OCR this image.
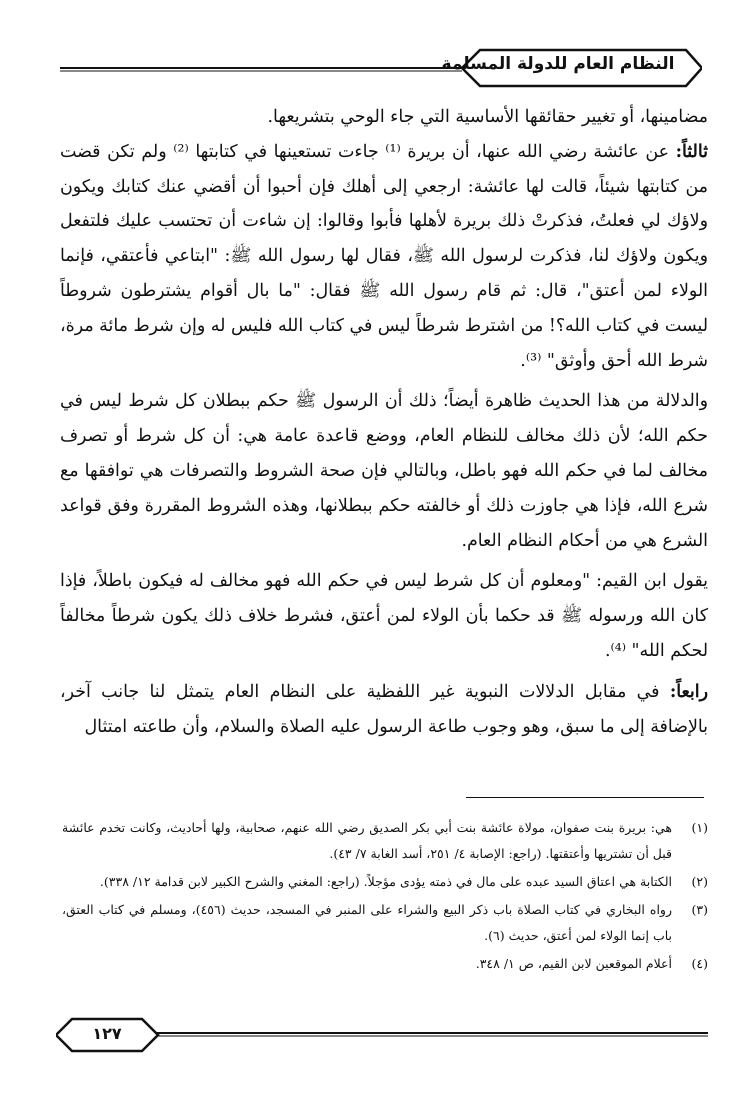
النظام العام للدولة المسلمة

مضامينها، أو تغيير حقائقها الأساسية التي جاء الوحي بتشريعها.

ثالثاً: عن عائشة رضي الله عنها، أن بريرة ⁽¹⁾ جاءت تستعينها في كتابتها ⁽²⁾ ولم تكن قضت من كتابتها شيئاً، قالت لها عائشة: ارجعي إلى أهلك فإن أحبوا أن أقضي عنك كتابك ويكون ولاؤك لي فعلتُ، فذكرتْ ذلك بريرة لأهلها فأبوا وقالوا: إن شاءت أن تحتسب عليك فلتفعل ويكون ولاؤك لنا، فذكرت لرسول الله ﷺ، فقال لها رسول الله ﷺ: "ابتاعي فأعتقي، فإنما الولاء لمن أعتق"، قال: ثم قام رسول الله ﷺ فقال: "ما بال أقوام يشترطون شروطاً ليست في كتاب الله؟! من اشترط شرطاً ليس في كتاب الله فليس له وإن شرط مائة مرة، شرط الله أحق وأوثق" ⁽³⁾.

والدلالة من هذا الحديث ظاهرة أيضاً؛ ذلك أن الرسول ﷺ حكم ببطلان كل شرط ليس في حكم الله؛ لأن ذلك مخالف للنظام العام، ووضع قاعدة عامة هي: أن كل شرط أو تصرف مخالف لما في حكم الله فهو باطل، وبالتالي فإن صحة الشروط والتصرفات هي توافقها مع شرع الله، فإذا هي جاوزت ذلك أو خالفته حكم ببطلانها، وهذه الشروط المقررة وفق قواعد الشرع هي من أحكام النظام العام.

يقول ابن القيم: "ومعلوم أن كل شرط ليس في حكم الله فهو مخالف له فيكون باطلاً، فإذا كان الله ورسوله ﷺ قد حكما بأن الولاء لمن أعتق، فشرط خلاف ذلك يكون شرطاً مخالفاً لحكم الله" ⁽⁴⁾.

رابعاً: في مقابل الدلالات النبوية غير اللفظية على النظام العام يتمثل لنا جانب آخر، بالإضافة إلى ما سبق، وهو وجوب طاعة الرسول عليه الصلاة والسلام، وأن طاعته امتثال

(١)
هي: بريرة بنت صفوان، مولاة عائشة بنت أبي بكر الصديق رضي الله عنهم، صحابية، ولها أحاديث، وكانت تخدم عائشة قبل أن تشتريها وأعتقتها. (راجع: الإصابة ٤/ ٢٥١، أسد الغابة ٧/ ٤٣).
(٢)
الكتابة هي اعتاق السيد عبده على مال في ذمته يؤدى مؤجلاً. (راجع: المغني والشرح الكبير لابن قدامة ١٢/ ٣٣٨).
(٣)
رواه البخاري في كتاب الصلاة باب ذكر البيع والشراء على المنبر في المسجد، حديث (٤٥٦)، ومسلم في كتاب العتق، باب إنما الولاء لمن أعتق، حديث (٦).
(٤)
أعلام الموقعين لابن القيم، ص ١/ ٣٤٨.
١٢٧
